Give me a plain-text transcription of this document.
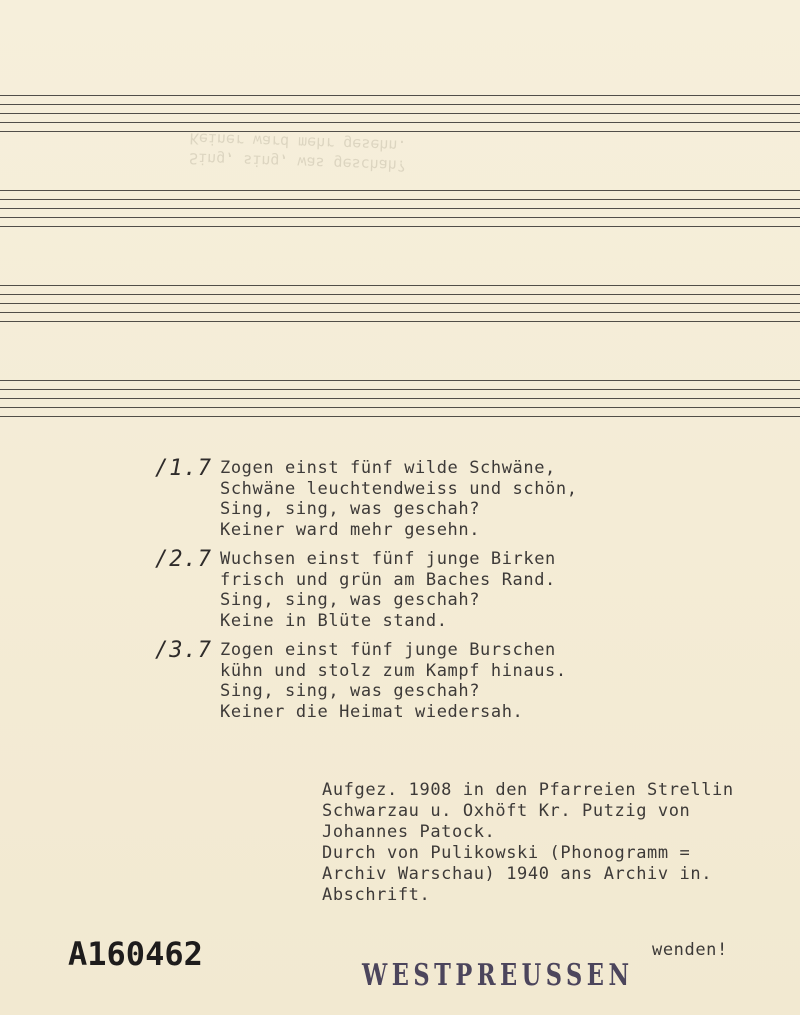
Sing, sing, was geschah?
Keiner ward mehr gesehn.
/1.7 Zogen einst fünf wilde Schwäne,
Schwäne leuchtendweiss und schön,
Sing, sing, was geschah?
Keiner ward mehr gesehn.
/2.7 Wuchsen einst fünf junge Birken
frisch und grün am Baches Rand.
Sing, sing, was geschah?
Keine in Blüte stand.
/3.7 Zogen einst fünf junge Burschen
kühn und stolz zum Kampf hinaus.
Sing, sing, was geschah?
Keiner die Heimat wiedersah.
Aufgez. 1908 in den Pfarreien Strellin
Schwarzau u. Oxhöft Kr. Putzig von
Johannes Patock.
Durch von Pulikowski (Phonogramm =
Archiv Warschau) 1940 ans Archiv in.
Abschrift.
A160462
WESTPREUSSEN
wenden!
